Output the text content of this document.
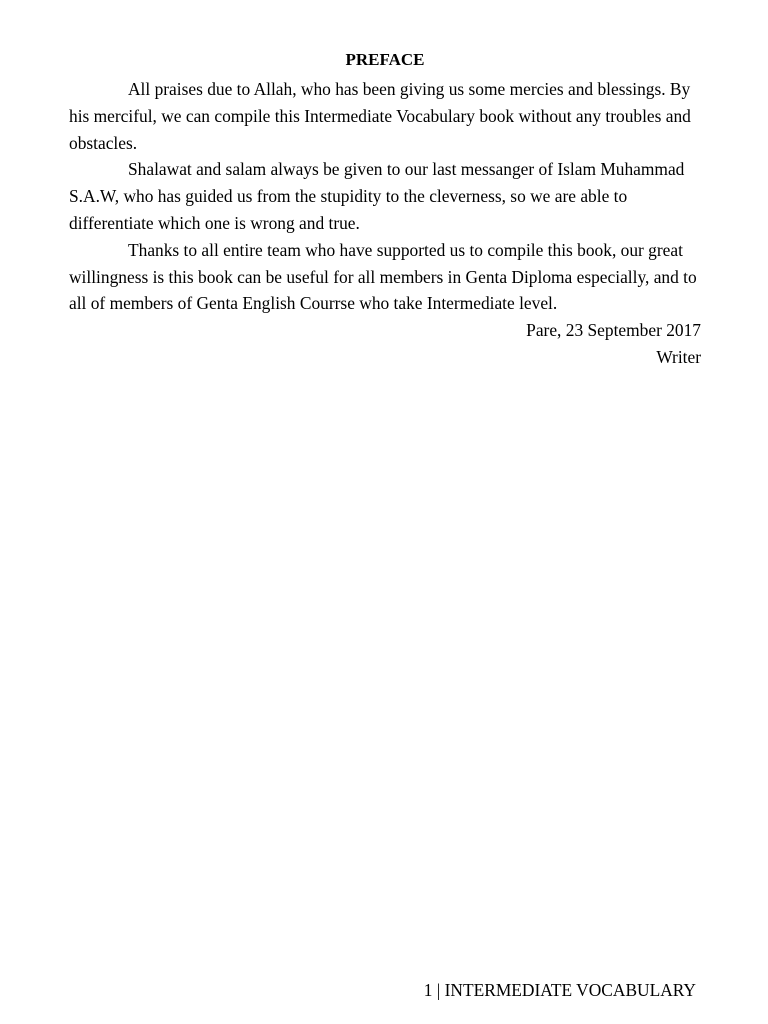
PREFACE

All praises due to Allah, who has been giving us some mercies and blessings. By his merciful, we can compile this Intermediate Vocabulary book without any troubles and obstacles.

Shalawat and salam always be given to our last messanger of Islam Muhammad S.A.W, who has guided us from the stupidity to the cleverness, so we are able to differentiate which one is wrong and true.

Thanks to all entire team who have supported us to compile this book, our great willingness is this book can be useful for all members in Genta Diploma especially, and to all of members of Genta English Courrse who take Intermediate level.

Pare, 23 September 2017

Writer

1 | INTERMEDIATE VOCABULARY
